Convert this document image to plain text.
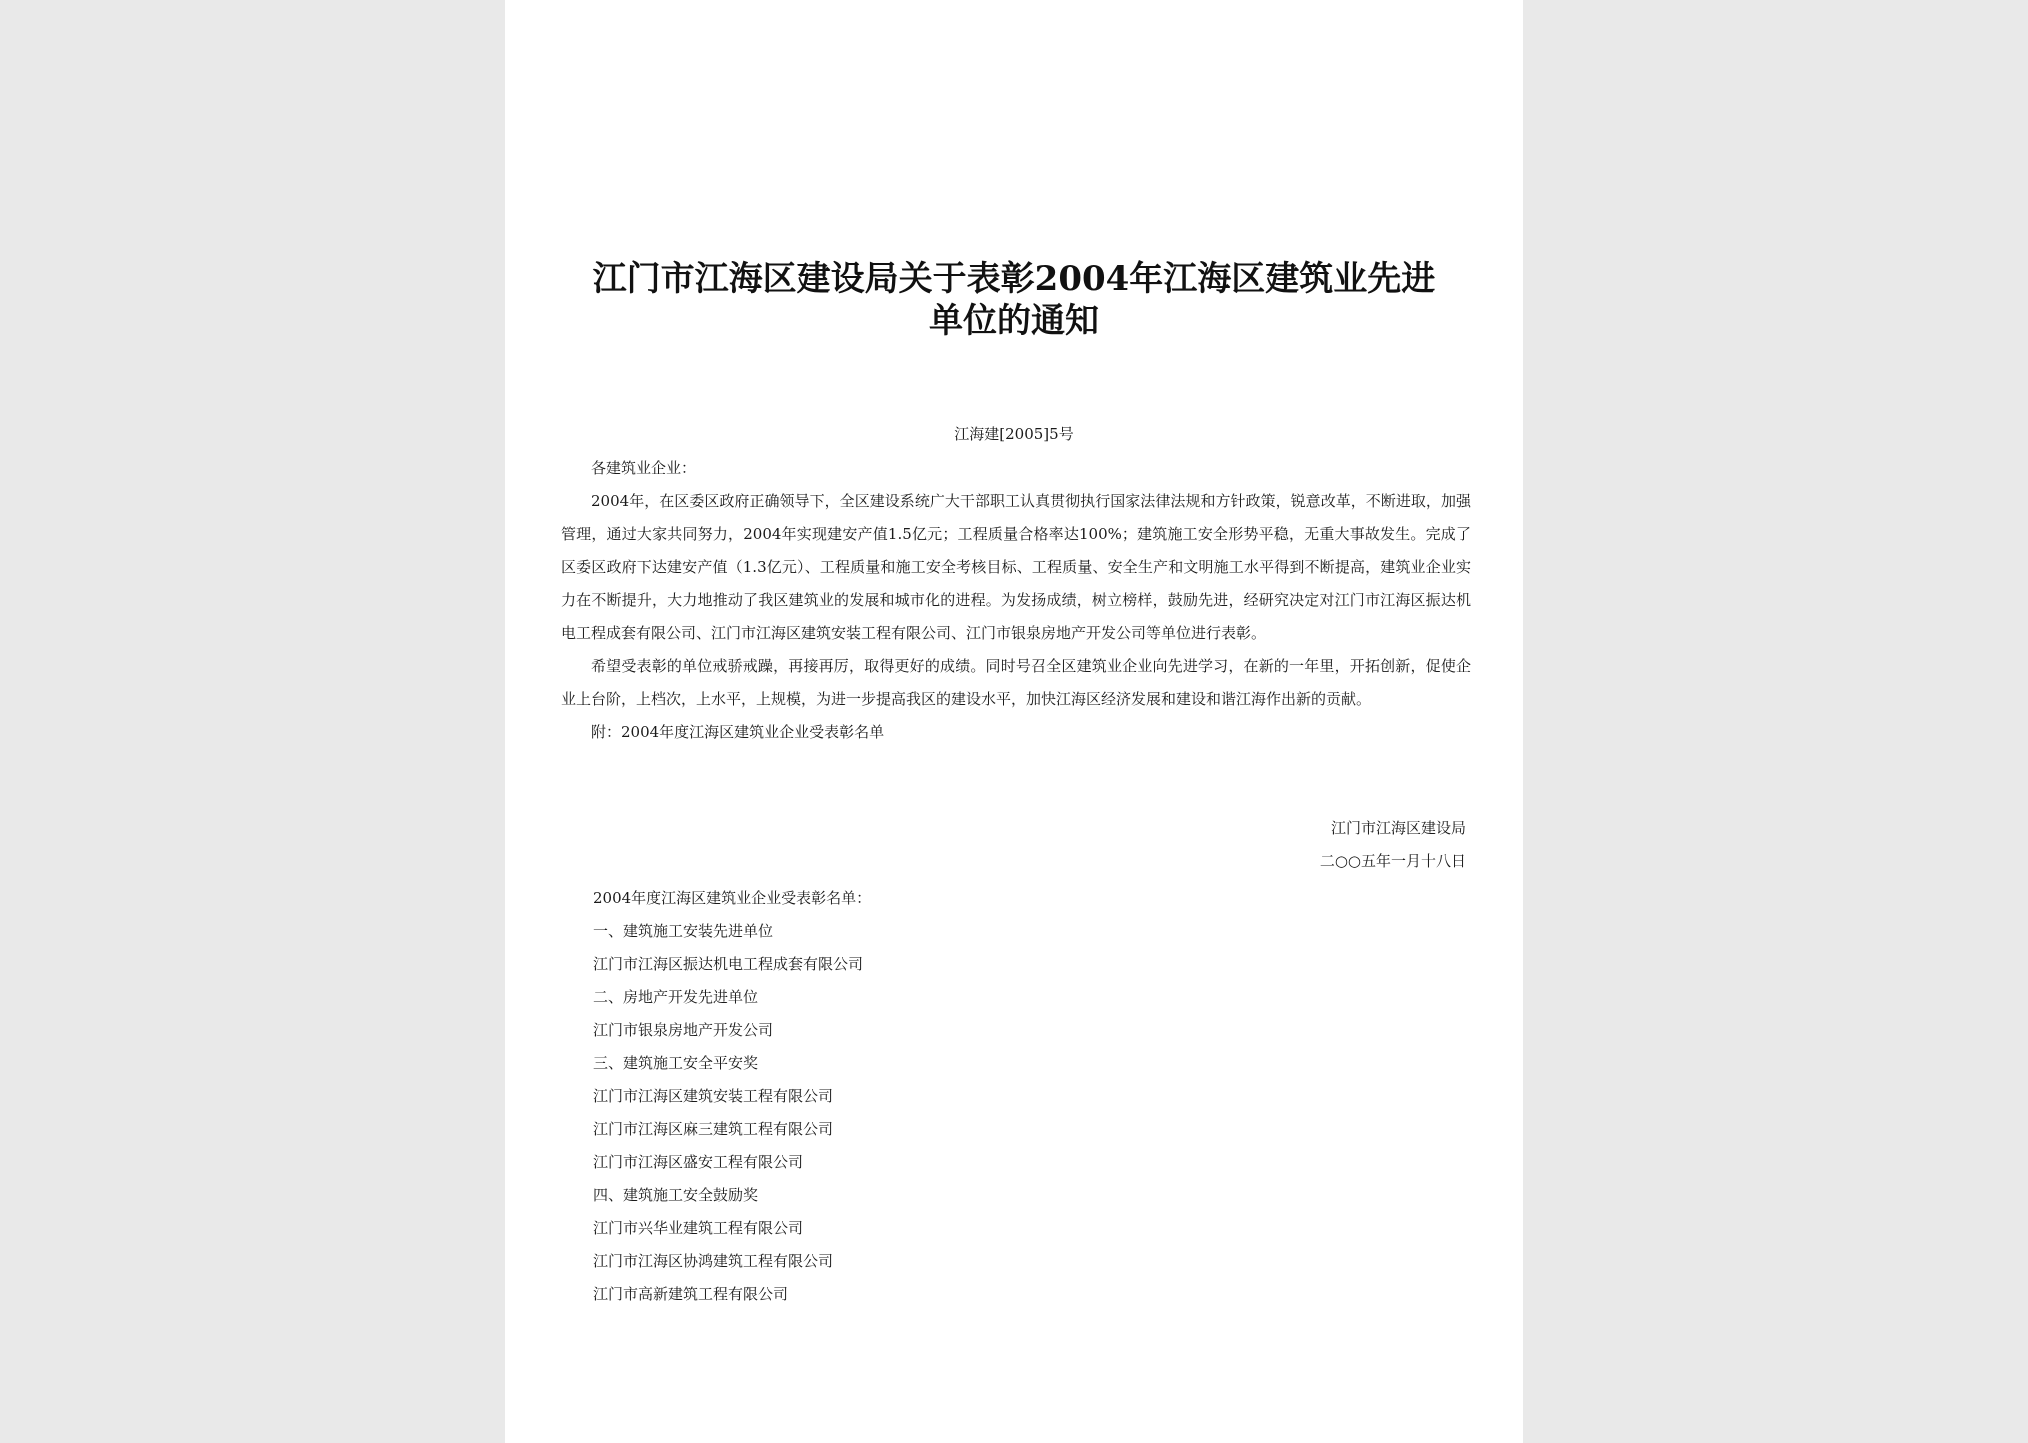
江门市江海区建设局关于表彰2004年江海区建筑业先进单位的通知
江海建[2005]5号

各建筑业企业：

2004年，在区委区政府正确领导下，全区建设系统广大干部职工认真贯彻执行国家法律法规和方针政策，锐意改革，不断进取，加强管理，通过大家共同努力，2004年实现建安产值1.5亿元；工程质量合格率达100%；建筑施工安全形势平稳，无重大事故发生。完成了区委区政府下达建安产值（1.3亿元）、工程质量和施工安全考核目标、工程质量、安全生产和文明施工水平得到不断提高，建筑业企业实力在不断提升，大力地推动了我区建筑业的发展和城市化的进程。为发扬成绩，树立榜样，鼓励先进，经研究决定对江门市江海区振达机电工程成套有限公司、江门市江海区建筑安装工程有限公司、江门市银泉房地产开发公司等单位进行表彰。

希望受表彰的单位戒骄戒躁，再接再厉，取得更好的成绩。同时号召全区建筑业企业向先进学习，在新的一年里，开拓创新，促使企业上台阶，上档次，上水平，上规模，为进一步提高我区的建设水平，加快江海区经济发展和建设和谐江海作出新的贡献。

附：2004年度江海区建筑业企业受表彰名单

江门市江海区建设局
二○○五年一月十八日
2004年度江海区建筑业企业受表彰名单：
一、建筑施工安装先进单位
江门市江海区振达机电工程成套有限公司
二、房地产开发先进单位
江门市银泉房地产开发公司
三、建筑施工安全平安奖
江门市江海区建筑安装工程有限公司
江门市江海区麻三建筑工程有限公司
江门市江海区盛安工程有限公司
四、建筑施工安全鼓励奖
江门市兴华业建筑工程有限公司
江门市江海区协鸿建筑工程有限公司
江门市高新建筑工程有限公司
